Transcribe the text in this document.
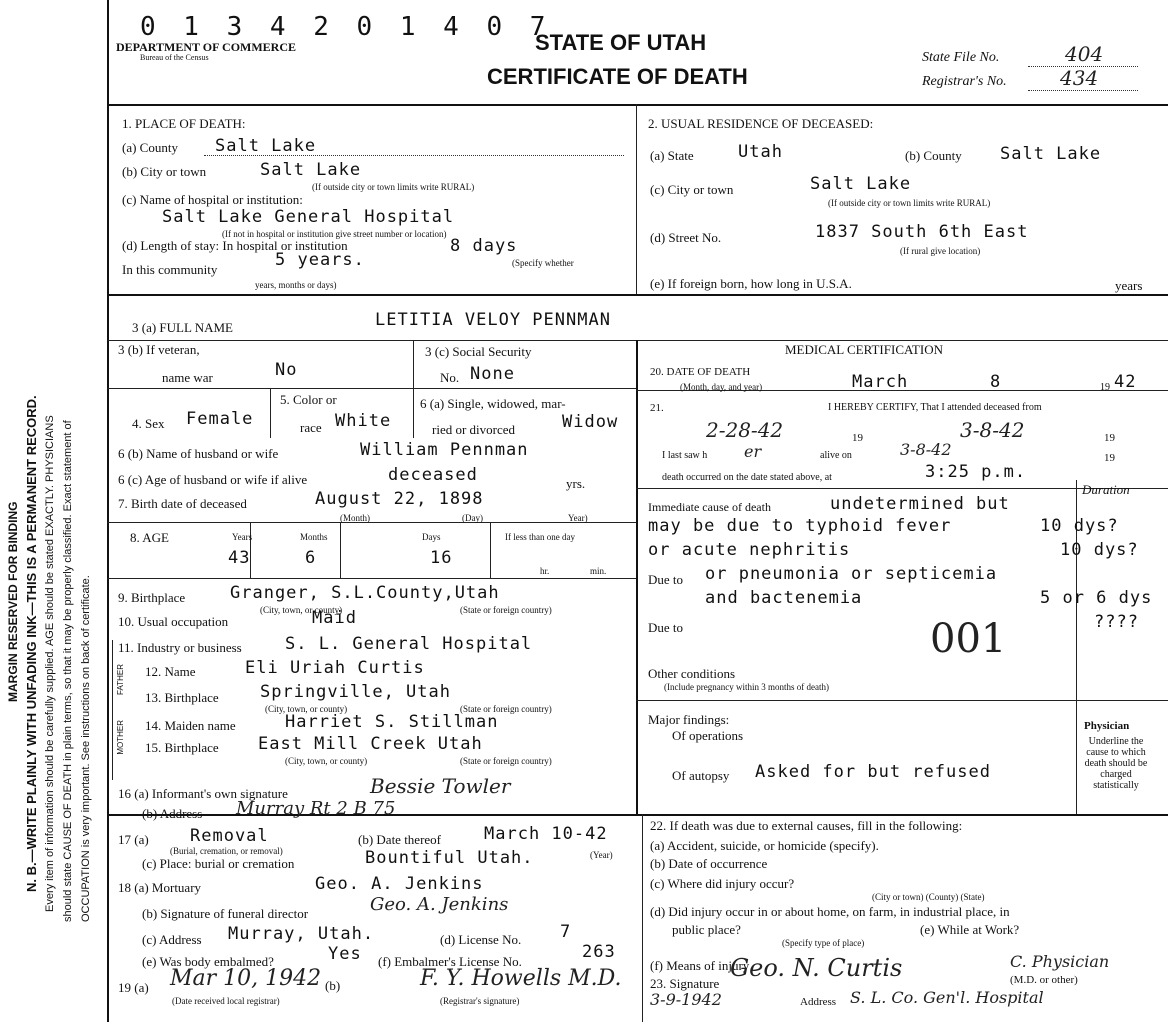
MARGIN RESERVED FOR BINDING N. B.—WRITE PLAINLY WITH UNFADING INK—THIS IS A PERMANENT RECORD. Every item of information should be carefully supplied. AGE should be stated EXACTLY. PHYSICIANS should state CAUSE OF DEATH in plain terms, so that it may be properly classified. Exact statement of OCCUPATION is very important. See instructions on back of certificate.
0 1 3 4 2 0 1 4 0 7
DEPARTMENT OF COMMERCE
Bureau of the Census
STATE OF UTAH
CERTIFICATE OF DEATH
State File No.	404
Registrar's No.	434
1. PLACE OF DEATH:
(a) County Salt Lake
(b) City or town	Salt Lake
(If outside city or town limits write RURAL)
(c) Name of hospital or institution:
Salt Lake General Hospital
(If not in hospital or institution give street number or location)
(d) Length of stay: In hospital or institution	8 days
In this community	5 years.	(Specify whether
years, months or days)
2. USUAL RESIDENCE OF DECEASED:
(a) State	Utah	(b) County Salt Lake
(c) City or town	Salt Lake
(If outside city or town limits write RURAL)
(d) Street No.	1837 South 6th East
(If rural give location)
(e) If foreign born, how long in U.S.A.	years
3 (a) FULL NAME	LETITIA VELOY PENNMAN
3 (b) If veteran,
name war	No
3 (c) Social Security
No. None
4. Sex Female
5. Color or
race White
6 (a) Single, widowed, mar-
ried or divorced	Widow
6 (b) Name of husband or wife	William Pennman
6 (c) Age of husband or wife if alive	deceased	yrs.
7. Birth date of deceased	August 22, 1898
(Month)	(Day)	Year)
8. AGE	Years	Months	Days	If less than one day
43	6	16
hr.	min.
9. Birthplace	Granger, S.L.County,Utah
(City, town, or county)	(State or foreign country)
10. Usual occupation	Maid
11. Industry or business	S. L. General Hospital
FATHER
MOTHER
12. Name	Eli Uriah Curtis
13. Birthplace Springville, Utah
(City, town, or county)	(State or foreign country)
14. Maiden name	Harriet S. Stillman
15. Birthplace East Mill Creek Utah
(City, town, or county)	(State or foreign country)
16 (a) Informant's own signature	Bessie Towler
(b) Address Murray Rt 2 B 75
17 (a) Removal
(Burial, cremation, or removal)
(b) Date thereof	March 10-42
(Year)
(c) Place: burial or cremation	Bountiful Utah.
18 (a) Mortuary	Geo. A. Jenkins
(b) Signature of funeral director	Geo. A. Jenkins
(c) Address Murray, Utah.	(d) License No. 7
(e) Was body embalmed?	Yes (f) Embalmer's License No.	263
19 (a) Mar 10, 1942
(Date received local registrar)
(b)	F. Y. Howells M.D.
(Registrar's signature)
MEDICAL CERTIFICATION
20. DATE OF DEATH
(Month, day, and year)	March	8	19 42
21.	I HEREBY CERTIFY, That I attended deceased from
2-28-42	19	3-8-42	19
I last saw h er	alive on	3-8-42	19
death occurred on the date stated above, at	3:25 p.m.
Duration
Immediate cause of death	undetermined but
may be due to typhoid fever	10 dys?
or acute nephritis	10 dys?
Due to or pneumonia or septicemia
and bactenemia	5 or 6 dys
Due to	????
001
Other conditions
(Include pregnancy within 3 months of death)
Major findings:
Of operations
Of autopsy Asked for but refused
Physician
Underline the cause to which death should be charged statistically
22. If death was due to external causes, fill in the following:
(a) Accident, suicide, or homicide (specify).
(b) Date of occurrence
(c) Where did injury occur?
(City or town) (County) (State)
(d) Did injury occur in or about home, on farm, in industrial place, in
public place?
(Specify type of place)
(e) While at Work?
(f) Means of injury
23. Signature
Geo. N. Curtis	C. Physician
(M.D. or other)
3-9-1942	Address S. L. Co. Gen'l. Hospital
